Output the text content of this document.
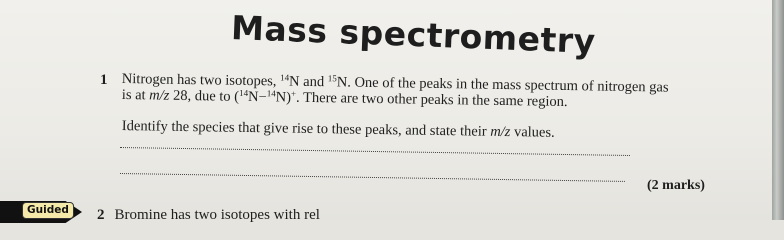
Mass spectrometry
1 Nitrogen has two isotopes, $^{14}$N and $^{15}$N. One of the peaks in the mass spectrum of nitrogen gas
is at m/z 28, due to ($^{14}$N−$^{14}$N)+. There are two other peaks in the same region.
Identify the species that give rise to these peaks, and state their m/z values.
(2 marks)
Guided	2 Bromine has two isotopes with rel
